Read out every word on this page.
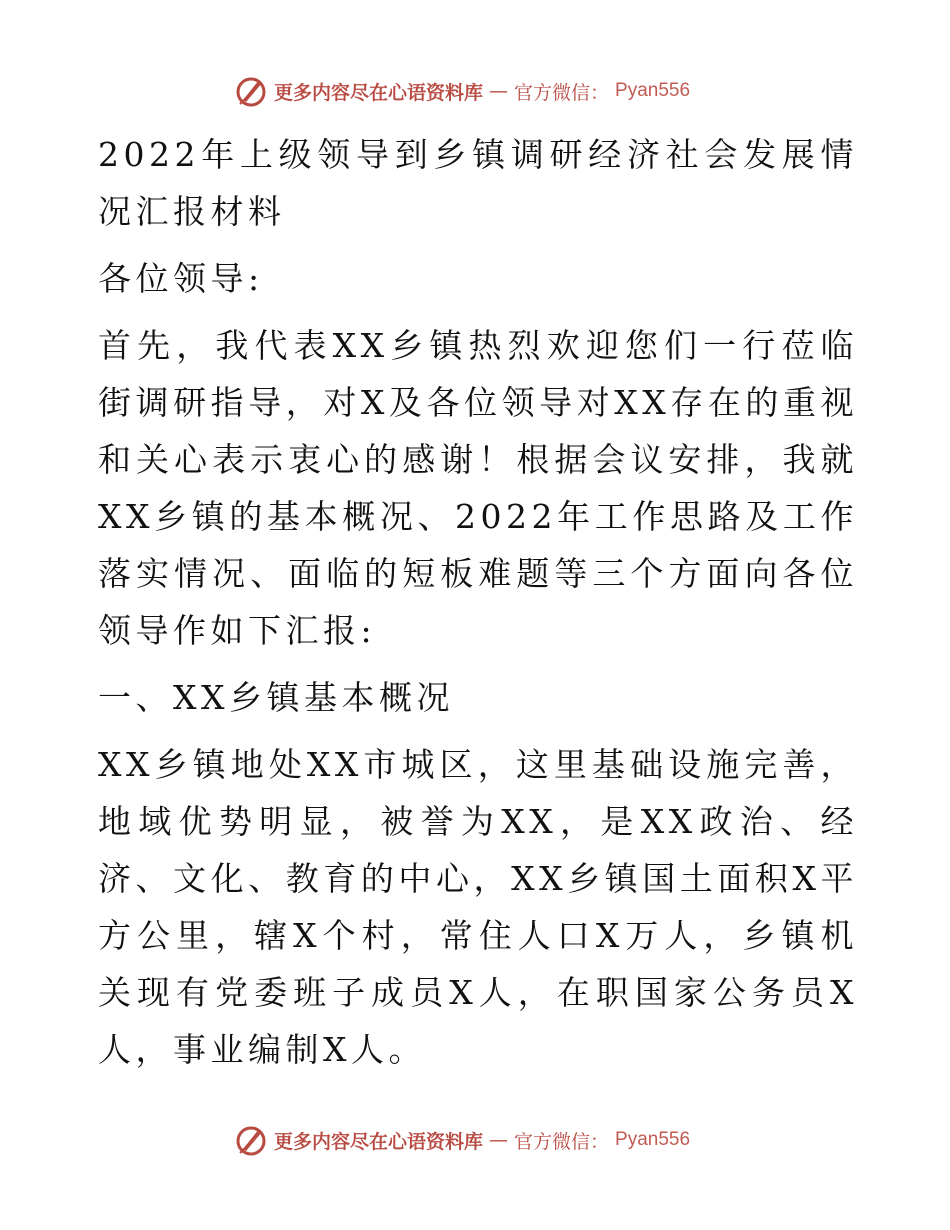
更多内容尽在心语资料库 — 官方微信： Pyan556

2022年上级领导到乡镇调研经济社会发展情况汇报材料

各位领导:

首先，我代表XX乡镇热烈欢迎您们一行莅临街调研指导，对X及各位领导对XX存在的重视和关心表示衷心的感谢！根据会议安排，我就XX乡镇的基本概况、2022年工作思路及工作落实情况、面临的短板难题等三个方面向各位领导作如下汇报:

一、XX乡镇基本概况

XX乡镇地处XX市城区，这里基础设施完善，地域优势明显，被誉为XX，是XX政治、经济、文化、教育的中心，XX乡镇国土面积X平方公里，辖X个村，常住人口X万人，乡镇机关现有党委班子成员X人，在职国家公务员X人，事业编制X人。

更多内容尽在心语资料库 — 官方微信： Pyan556
